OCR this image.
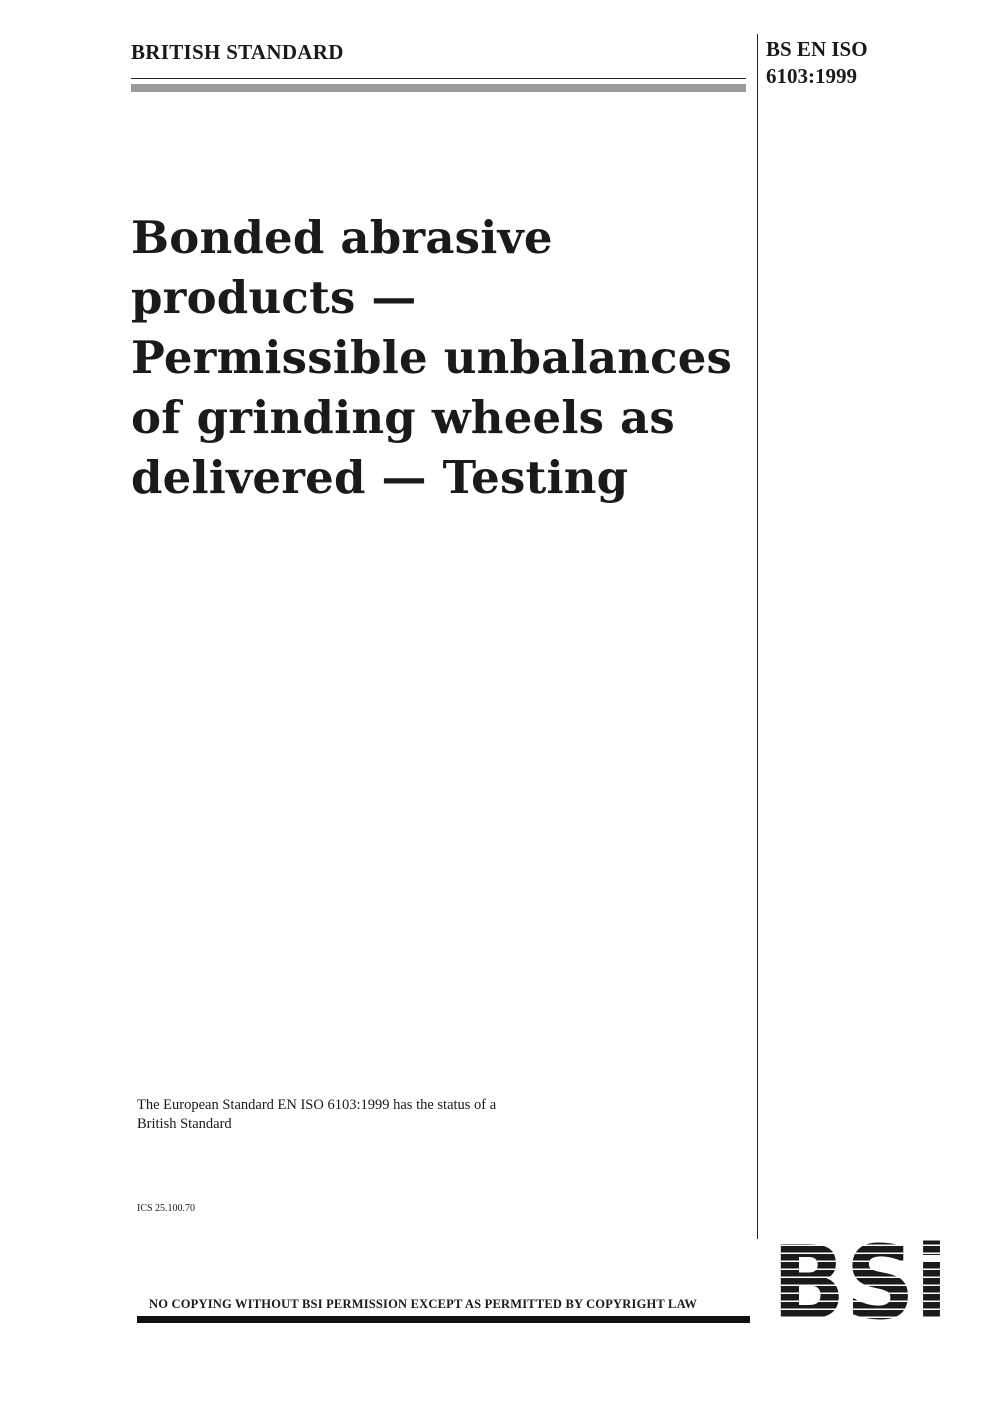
BRITISH STANDARD	BS EN ISO
6103:1999
Bonded abrasive
products —
Permissible unbalances
of grinding wheels as
delivered — Testing
The European Standard EN ISO 6103:1999 has the status of a
British Standard
ICS 25.100.70
NO COPYING WITHOUT BSI PERMISSION EXCEPT AS PERMITTED BY COPYRIGHT LAW
